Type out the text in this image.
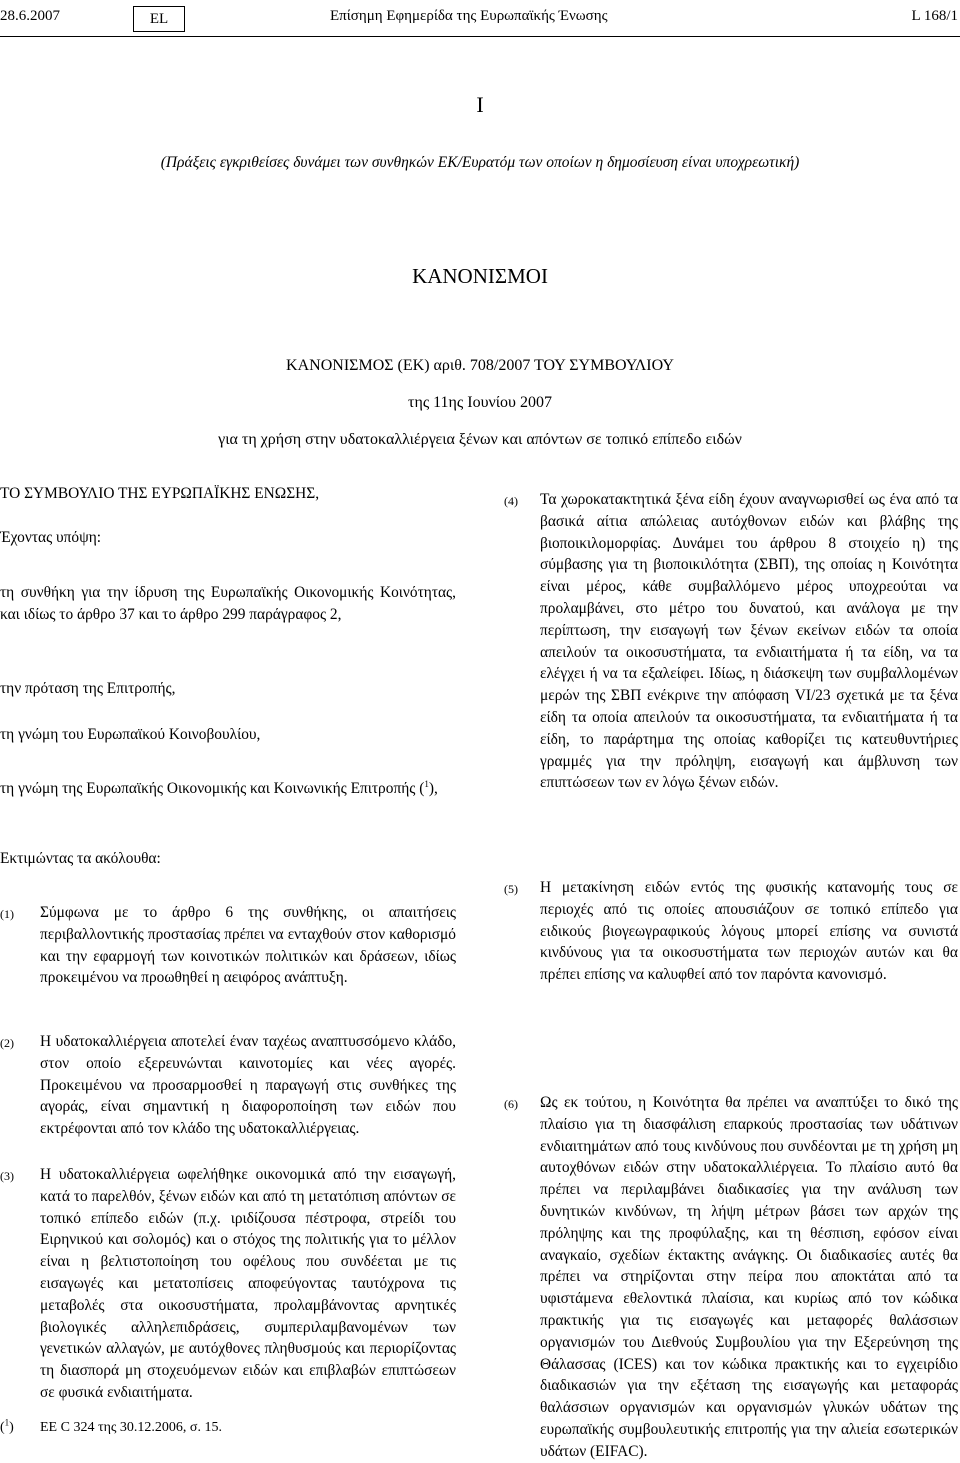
28.6.2007	EL	Επίσημη Εφημερίδα της Ευρωπαϊκής Ένωσης	L 168/1
I
(Πράξεις εγκριθείσες δυνάμει των συνθηκών ΕΚ/Ευρατόμ των οποίων η δημοσίευση είναι υποχρεωτική)
ΚΑΝΟΝΙΣΜΟΙ
ΚΑΝΟΝΙΣΜΟΣ (ΕΚ) αριθ. 708/2007 ΤΟΥ ΣΥΜΒΟΥΛΙΟΥ
της 11ης Ιουνίου 2007
για τη χρήση στην υδατοκαλλιέργεια ξένων και απόντων σε τοπικό επίπεδο ειδών

ΤΟ ΣΥΜΒΟΥΛΙΟ ΤΗΣ ΕΥΡΩΠΑΪΚΗΣ ΕΝΩΣΗΣ,

Έχοντας υπόψη:

τη συνθήκη για την ίδρυση της Ευρωπαϊκής Οικονομικής Κοινότητας, και ιδίως το άρθρο 37 και το άρθρο 299 παράγραφος 2,

την πρόταση της Επιτροπής,

τη γνώμη του Ευρωπαϊκού Κοινοβουλίου,

τη γνώμη της Ευρωπαϊκής Οικονομικής και Κοινωνικής Επιτροπής ($^1$),

Εκτιμώντας τα ακόλουθα:

(1) Σύμφωνα με το άρθρο 6 της συνθήκης, οι απαιτήσεις περιβαλλοντικής προστασίας πρέπει να ενταχθούν στον καθορισμό και την εφαρμογή των κοινοτικών πολιτικών και δράσεων, ιδίως προκειμένου να προωθηθεί η αειφόρος ανάπτυξη.
(2) Η υδατοκαλλιέργεια αποτελεί έναν ταχέως αναπτυσσόμενο κλάδο, στον οποίο εξερευνώνται καινοτομίες και νέες αγορές. Προκειμένου να προσαρμοσθεί η παραγωγή στις συνθήκες της αγοράς, είναι σημαντική η διαφοροποίηση των ειδών που εκτρέφονται από τον κλάδο της υδατοκαλλιέργειας.
(3) Η υδατοκαλλιέργεια ωφελήθηκε οικονομικά από την εισαγωγή, κατά το παρελθόν, ξένων ειδών και από τη μετατόπιση απόντων σε τοπικό επίπεδο ειδών (π.χ. ιριδίζουσα πέστροφα, στρείδι του Ειρηνικού και σολομός) και ο στόχος της πολιτικής για το μέλλον είναι η βελτιστοποίηση του οφέλους που συνδέεται με τις εισαγωγές και μετατοπίσεις αποφεύγοντας ταυτόχρονα τις μεταβολές στα οικοσυστήματα, προλαμβάνοντας αρνητικές βιολογικές αλληλεπιδράσεις, συμπεριλαμβανομένων των γενετικών αλλαγών, με αυτόχθονες πληθυσμούς και περιορίζοντας τη διασπορά μη στοχευόμενων ειδών και επιβλαβών επιπτώσεων σε φυσικά ενδιαιτήματα.
(4) Τα χωροκατακτητικά ξένα είδη έχουν αναγνωρισθεί ως ένα από τα βασικά αίτια απώλειας αυτόχθονων ειδών και βλάβης της βιοποικιλομορφίας. Δυνάμει του άρθρου 8 στοιχείο η) της σύμβασης για τη βιοποικιλότητα (ΣΒΠ), της οποίας η Κοινότητα είναι μέρος, κάθε συμβαλλόμενο μέρος υποχρεούται να προλαμβάνει, στο μέτρο του δυνατού, και ανάλογα με την περίπτωση, την εισαγωγή των ξένων εκείνων ειδών τα οποία απειλούν τα οικοσυστήματα, τα ενδιαιτήματα ή τα είδη, να τα ελέγχει ή να τα εξαλείφει. Ιδίως, η διάσκεψη των συμβαλλομένων μερών της ΣΒΠ ενέκρινε την απόφαση VI/23 σχετικά με τα ξένα είδη τα οποία απειλούν τα οικοσυστήματα, τα ενδιαιτήματα ή τα είδη, το παράρτημα της οποίας καθορίζει τις κατευθυντήριες γραμμές για την πρόληψη, εισαγωγή και άμβλυνση των επιπτώσεων των εν λόγω ξένων ειδών.
(5) Η μετακίνηση ειδών εντός της φυσικής κατανομής τους σε περιοχές από τις οποίες απουσιάζουν σε τοπικό επίπεδο για ειδικούς βιογεωγραφικούς λόγους μπορεί επίσης να συνιστά κινδύνους για τα οικοσυστήματα των περιοχών αυτών και θα πρέπει επίσης να καλυφθεί από τον παρόντα κανονισμό.
(6) Ως εκ τούτου, η Κοινότητα θα πρέπει να αναπτύξει το δικό της πλαίσιο για τη διασφάλιση επαρκούς προστασίας των υδάτινων ενδιαιτημάτων από τους κινδύνους που συνδέονται με τη χρήση μη αυτοχθόνων ειδών στην υδατοκαλλιέργεια. Το πλαίσιο αυτό θα πρέπει να περιλαμβάνει διαδικασίες για την ανάλυση των δυνητικών κινδύνων, τη λήψη μέτρων βάσει των αρχών της πρόληψης και της προφύλαξης, και τη θέσπιση, εφόσον είναι αναγκαίο, σχεδίων έκτακτης ανάγκης. Οι διαδικασίες αυτές θα πρέπει να στηρίζονται στην πείρα που αποκτάται από τα υφιστάμενα εθελοντικά πλαίσια, και κυρίως από τον κώδικα πρακτικής για τις εισαγωγές και μεταφορές θαλάσσιων οργανισμών του Διεθνούς Συμβουλίου για την Εξερεύνηση της Θάλασσας (ICES) και τον κώδικα πρακτικής και το εγχειρίδιο διαδικασιών για την εξέταση της εισαγωγής και μεταφοράς θαλάσσιων οργανισμών και οργανισμών γλυκών υδάτων της ευρωπαϊκής συμβουλευτικής επιτροπής για την αλιεία εσωτερικών υδάτων (EIFAC).
($^1$) ΕΕ C 324 της 30.12.2006, σ. 15.
